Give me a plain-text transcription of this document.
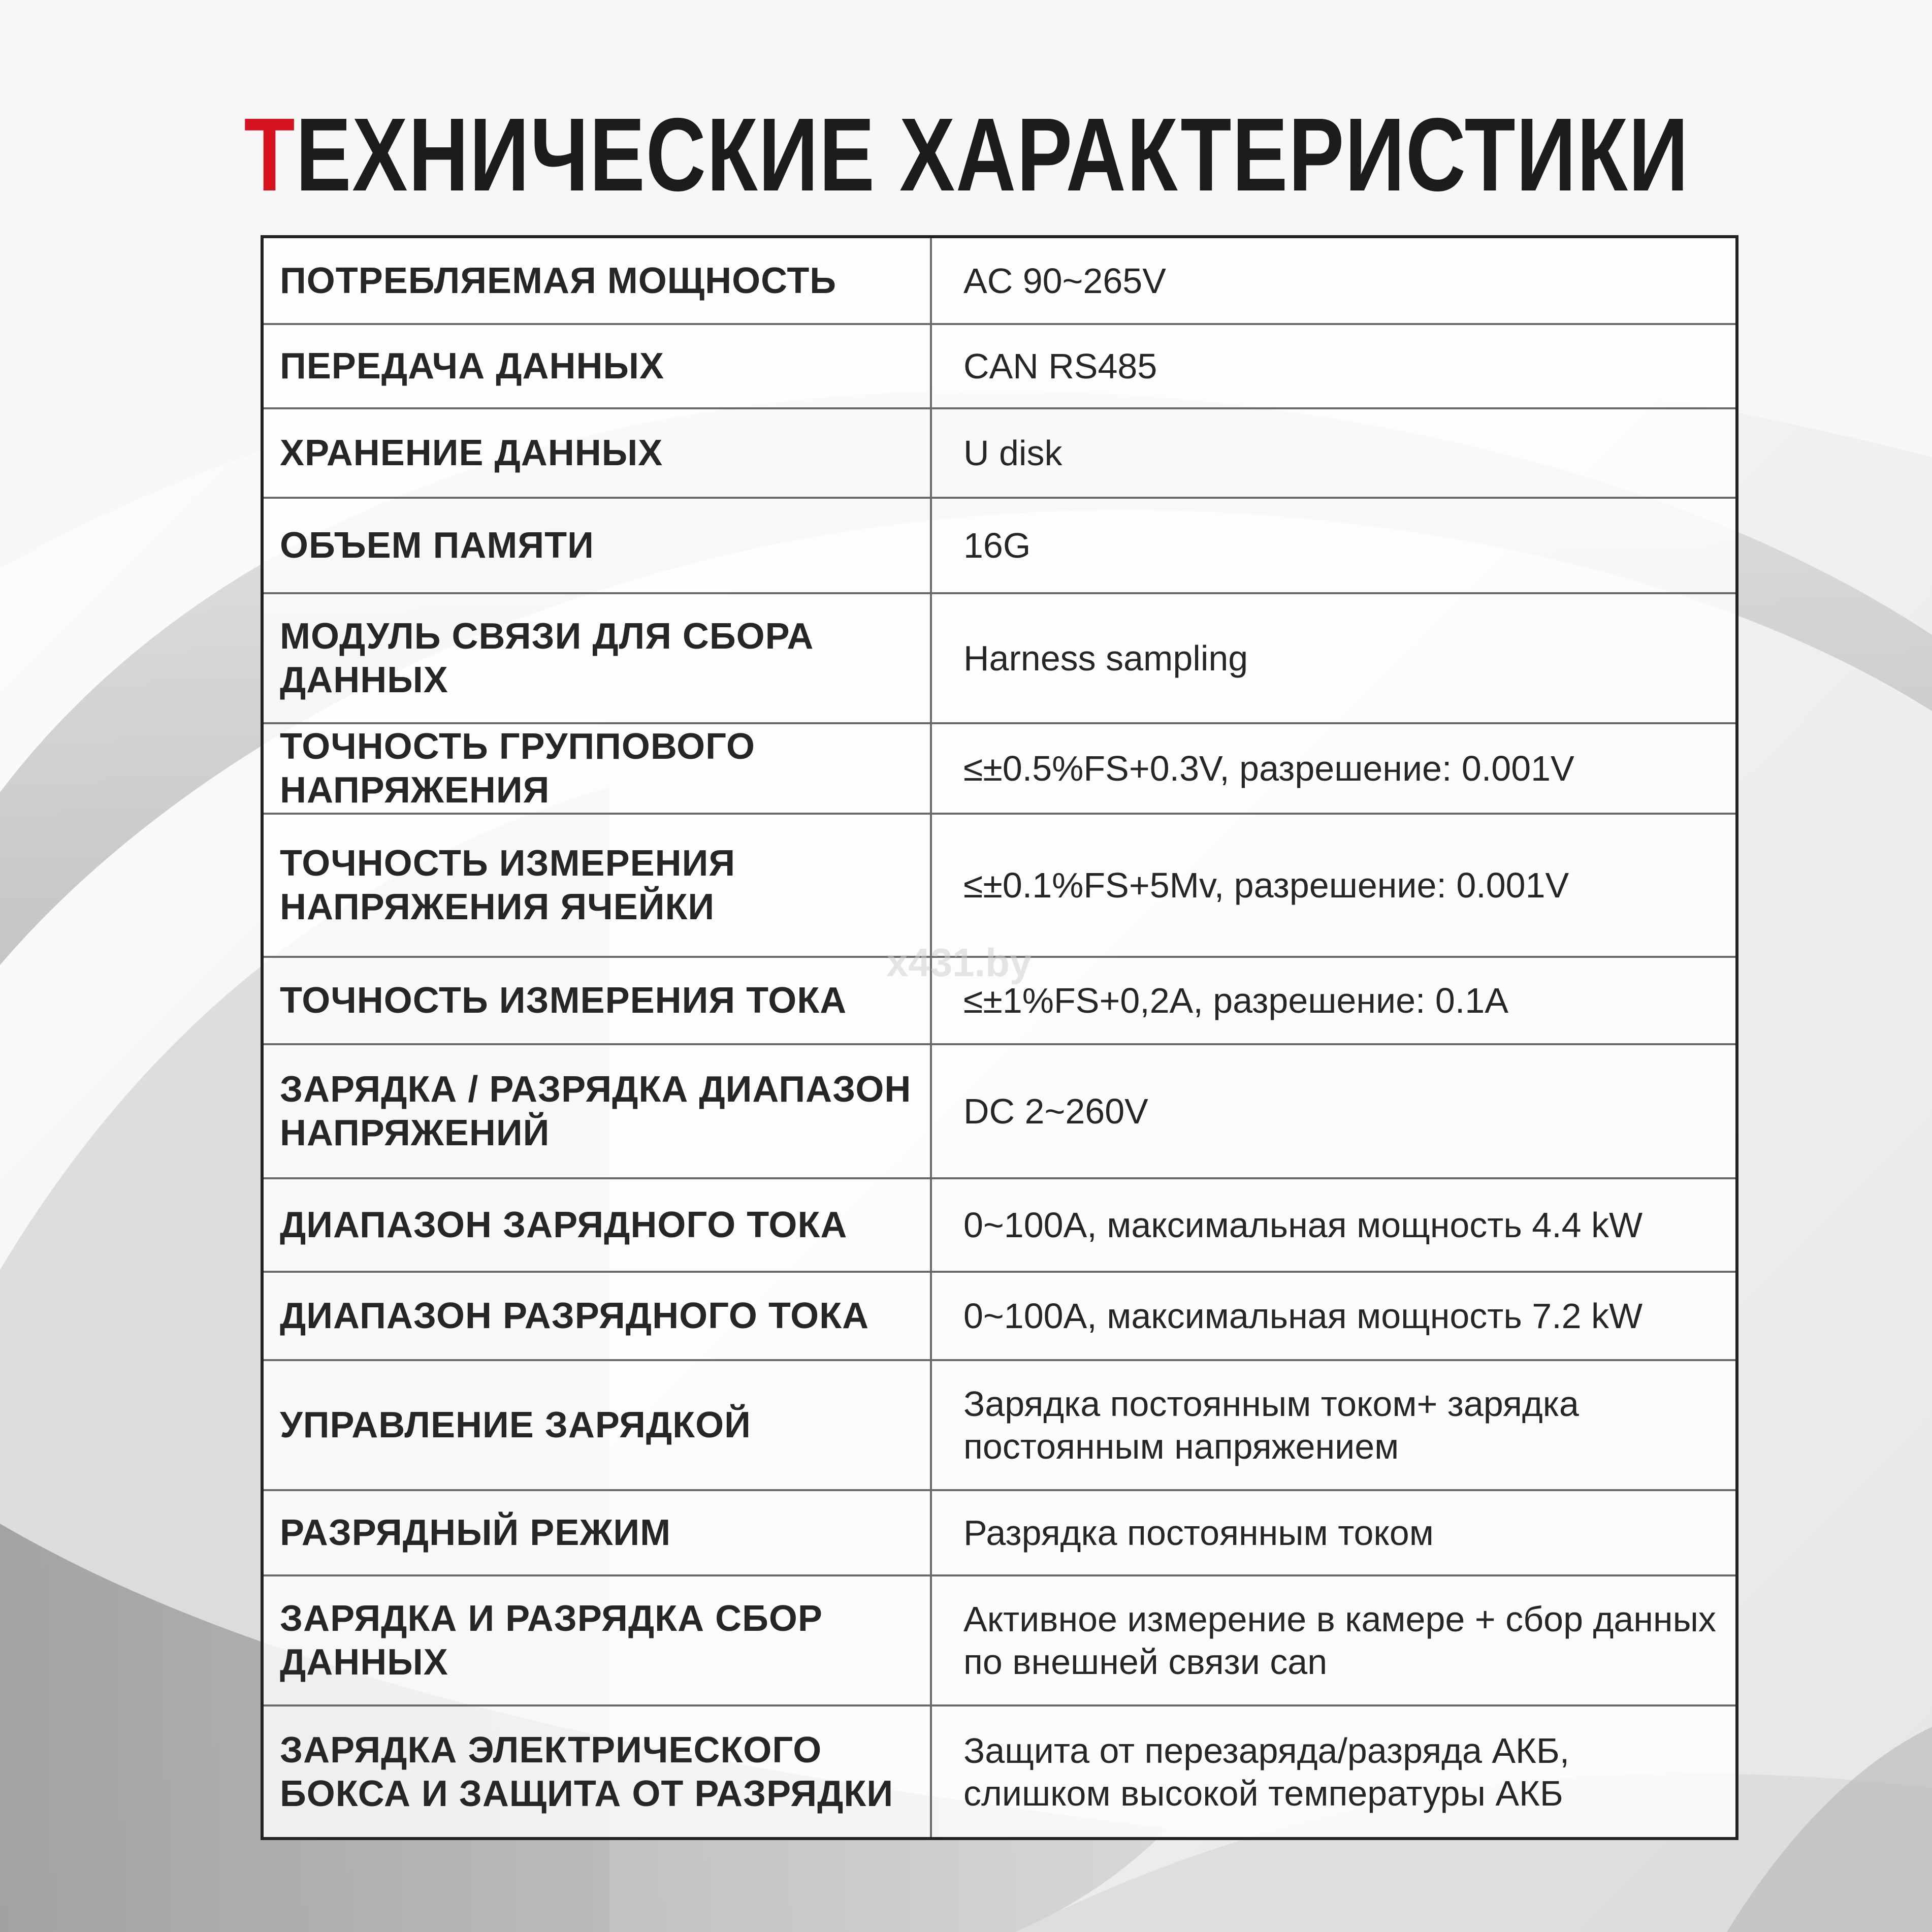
ТЕХНИЧЕСКИЕ ХАРАКТЕРИСТИКИ
ПОТРЕБЛЯЕМАЯ МОЩНОСТЬ	AC 90~265V
ПЕРЕДАЧА ДАННЫХ	CAN RS485
ХРАНЕНИЕ ДАННЫХ	U disk
ОБЪЕМ ПАМЯТИ	16G
МОДУЛЬ СВЯЗИ ДЛЯ СБОРА ДАННЫХ	Harness sampling
ТОЧНОСТЬ ГРУППОВОГО НАПРЯЖЕНИЯ	≤±0.5%FS+0.3V, разрешение: 0.001V
ТОЧНОСТЬ ИЗМЕРЕНИЯ НАПРЯЖЕНИЯ ЯЧЕЙКИ	≤±0.1%FS+5Mv, разрешение: 0.001V
ТОЧНОСТЬ ИЗМЕРЕНИЯ ТОКА	≤±1%FS+0,2A, разрешение: 0.1A
ЗАРЯДКА / РАЗРЯДКА ДИАПАЗОН НАПРЯЖЕНИЙ	DC 2~260V
ДИАПАЗОН ЗАРЯДНОГО ТОКА	0~100A, максимальная мощность 4.4 kW
ДИАПАЗОН РАЗРЯДНОГО ТОКА	0~100A, максимальная мощность 7.2 kW
УПРАВЛЕНИЕ ЗАРЯДКОЙ	Зарядка постоянным током+ зарядка постоянным напряжением
РАЗРЯДНЫЙ РЕЖИМ	Разрядка постоянным током
ЗАРЯДКА И РАЗРЯДКА СБОР ДАННЫХ	Активное измерение в камере + сбор данных по внешней связи can
ЗАРЯДКА ЭЛЕКТРИЧЕСКОГО БОКСА И ЗАЩИТА ОТ РАЗРЯДКИ	Защита от перезаряда/разряда АКБ, слишком высокой температуры АКБ
x431.by
